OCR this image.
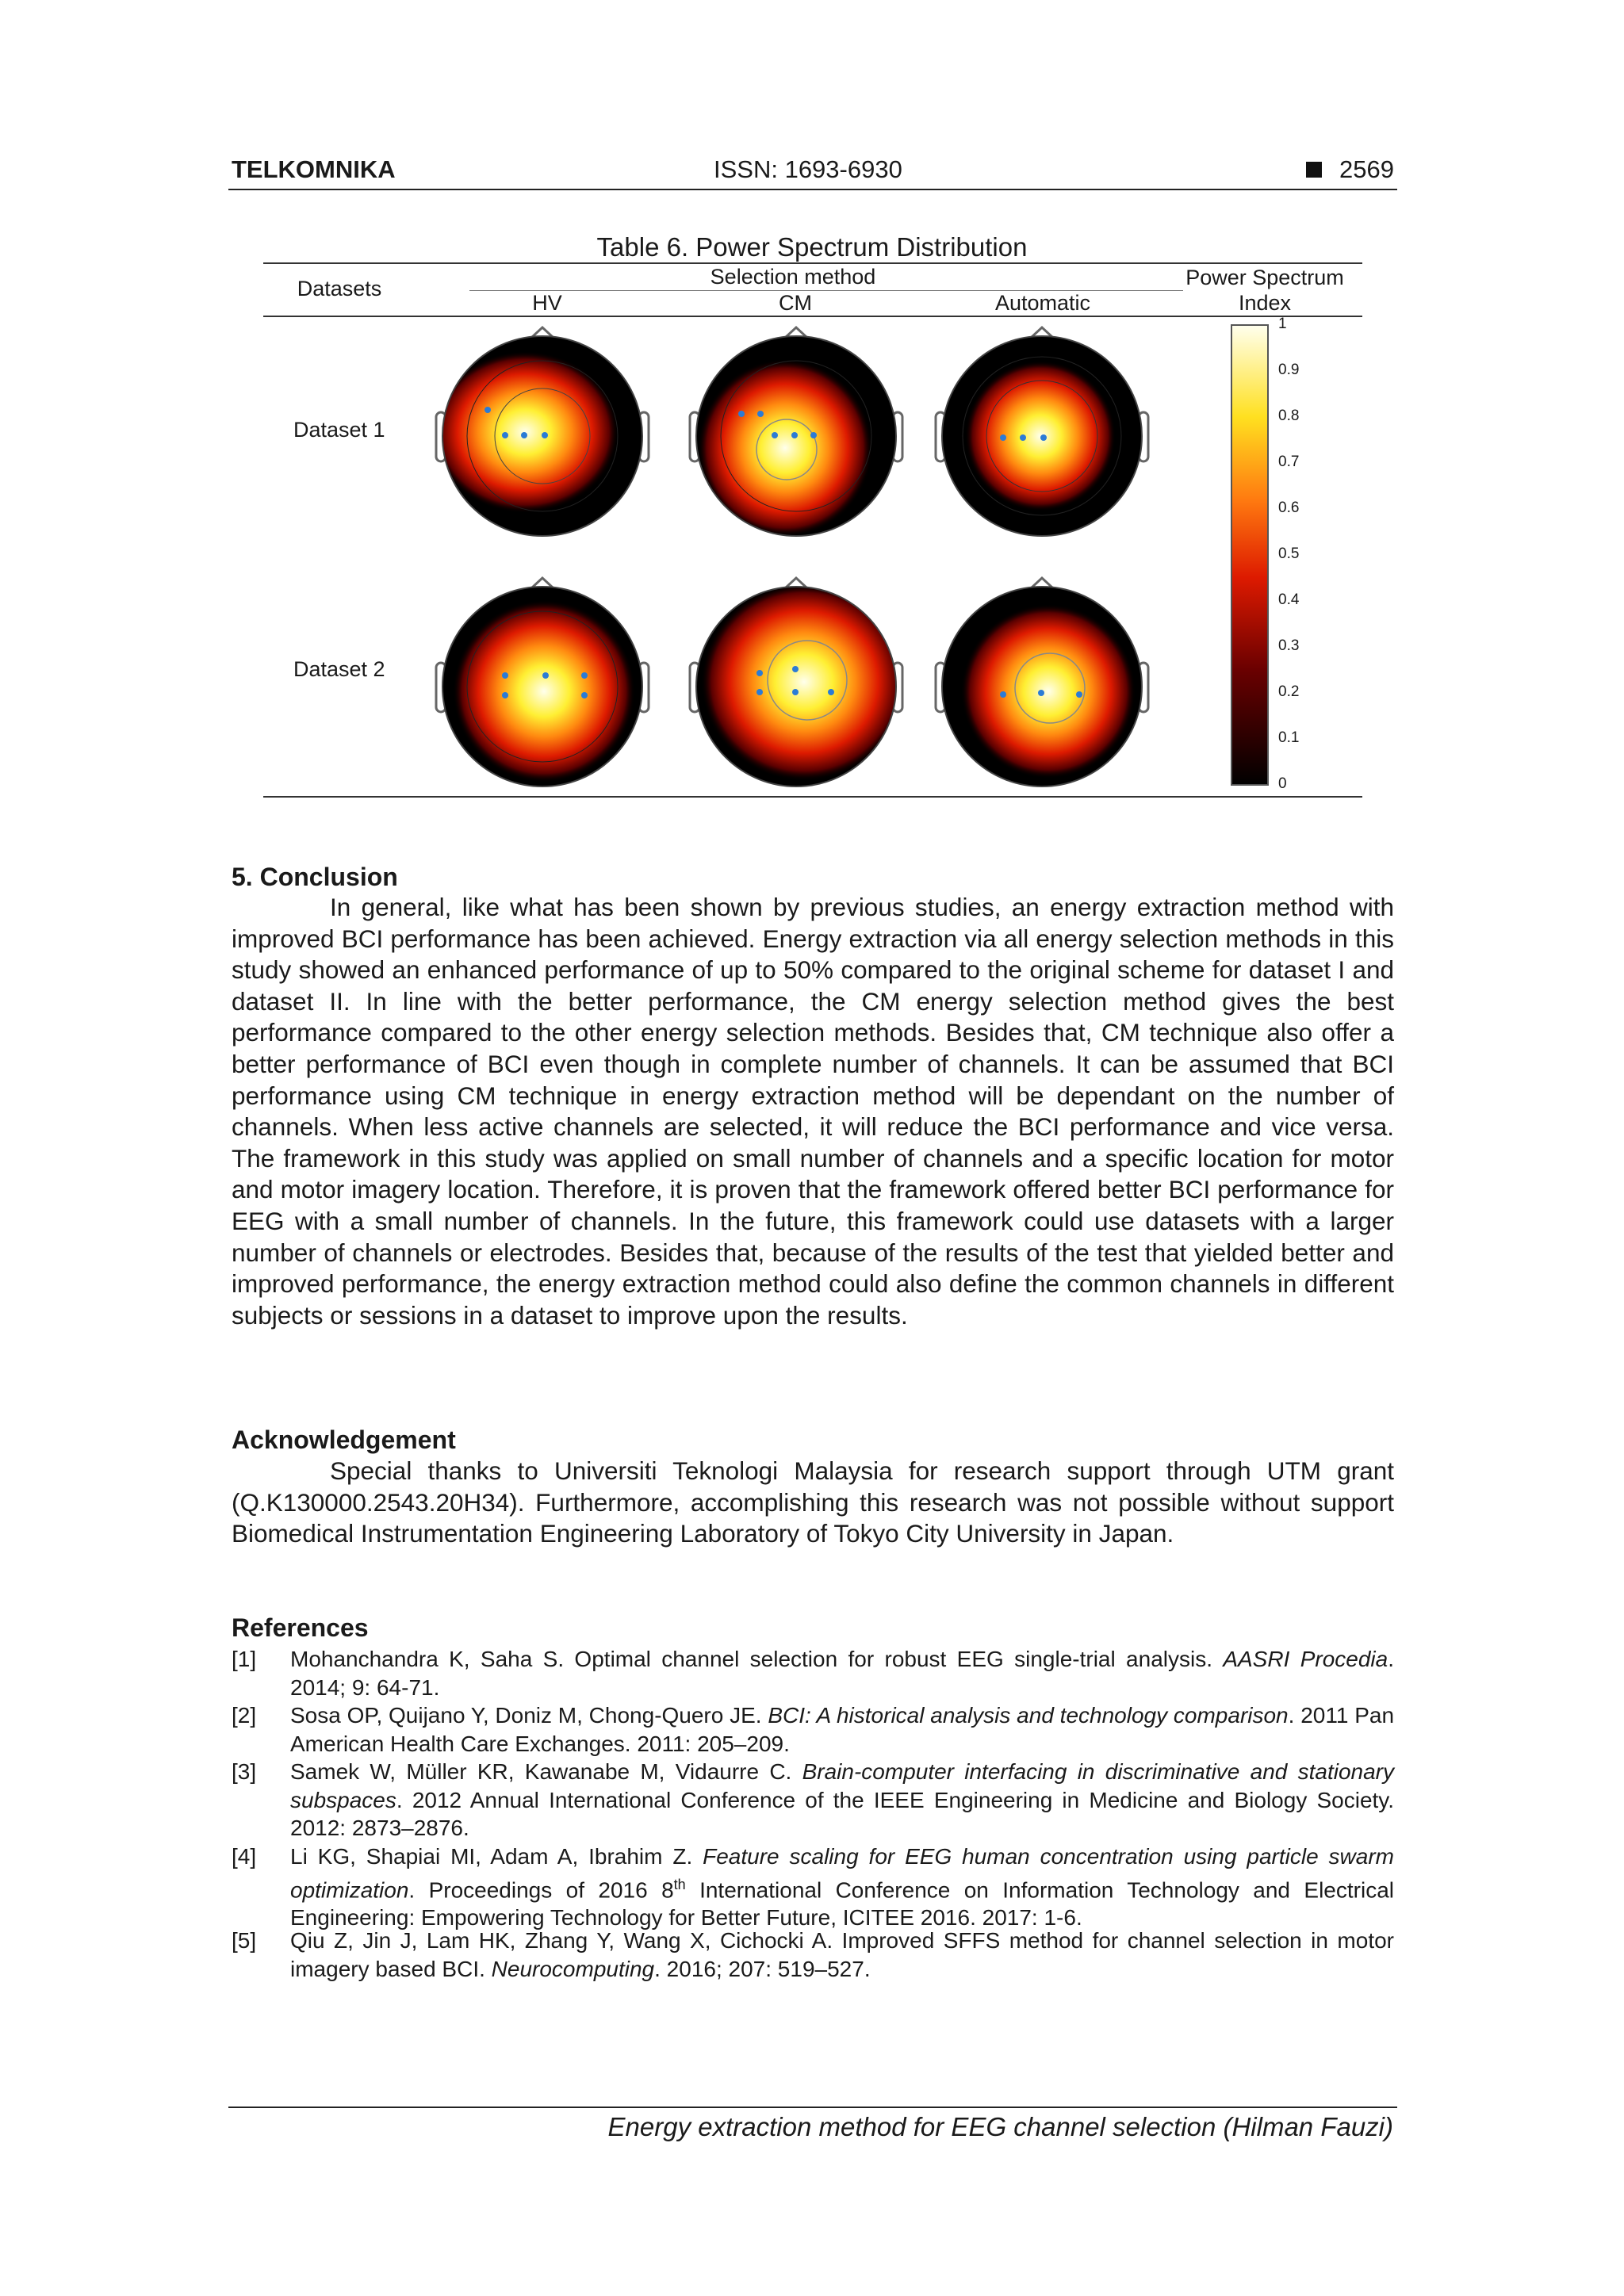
TELKOMNIKA	ISSN: 1693-6930	2569
Table 6. Power Spectrum Distribution
Datasets	Selection method
HV	CM	Automatic
Power Spectrum
Index
Dataset 1
Dataset 2
1
0.9
0.8
0.7
0.6
0.5
0.4
0.3
0.2
0.1
0
5. Conclusion
In general, like what has been shown by previous studies, an energy extraction method with improved BCI performance has been achieved. Energy extraction via all energy selection methods in this study showed an enhanced performance of up to 50% compared to the original scheme for dataset I and dataset II. In line with the better performance, the CM energy selection method gives the best performance compared to the other energy selection methods. Besides that, CM technique also offer a better performance of BCI even though in complete number of channels. It can be assumed that BCI performance using CM technique in energy extraction method will be dependant on the number of channels. When less active channels are selected, it will reduce the BCI performance and vice versa. The framework in this study was applied on small number of channels and a specific location for motor and motor imagery location. Therefore, it is proven that the framework offered better BCI performance for EEG with a small number of channels. In the future, this framework could use datasets with a larger number of channels or electrodes. Besides that, because of the results of the test that yielded better and improved performance, the energy extraction method could also define the common channels in different subjects or sessions in a dataset to improve upon the results.
Acknowledgement
Special thanks to Universiti Teknologi Malaysia for research support through UTM grant (Q.K130000.2543.20H34). Furthermore, accomplishing this research was not possible without support Biomedical Instrumentation Engineering Laboratory of Tokyo City University in Japan.
References
[1] Mohanchandra K, Saha S. Optimal channel selection for robust EEG single-trial analysis. AASRI Procedia. 2014; 9: 64-71.
[2] Sosa OP, Quijano Y, Doniz M, Chong-Quero JE. BCI: A historical analysis and technology comparison. 2011 Pan American Health Care Exchanges. 2011: 205–209.
[3] Samek W, Müller KR, Kawanabe M, Vidaurre C. Brain-computer interfacing in discriminative and stationary subspaces. 2012 Annual International Conference of the IEEE Engineering in Medicine and Biology Society. 2012: 2873–2876.
[4] Li KG, Shapiai MI, Adam A, Ibrahim Z. Feature scaling for EEG human concentration using particle swarm optimization. Proceedings of 2016 8th International Conference on Information Technology and Electrical Engineering: Empowering Technology for Better Future, ICITEE 2016. 2017: 1-6.
[5] Qiu Z, Jin J, Lam HK, Zhang Y, Wang X, Cichocki A. Improved SFFS method for channel selection in motor imagery based BCI. Neurocomputing. 2016; 207: 519–527.
Energy extraction method for EEG channel selection (Hilman Fauzi)
